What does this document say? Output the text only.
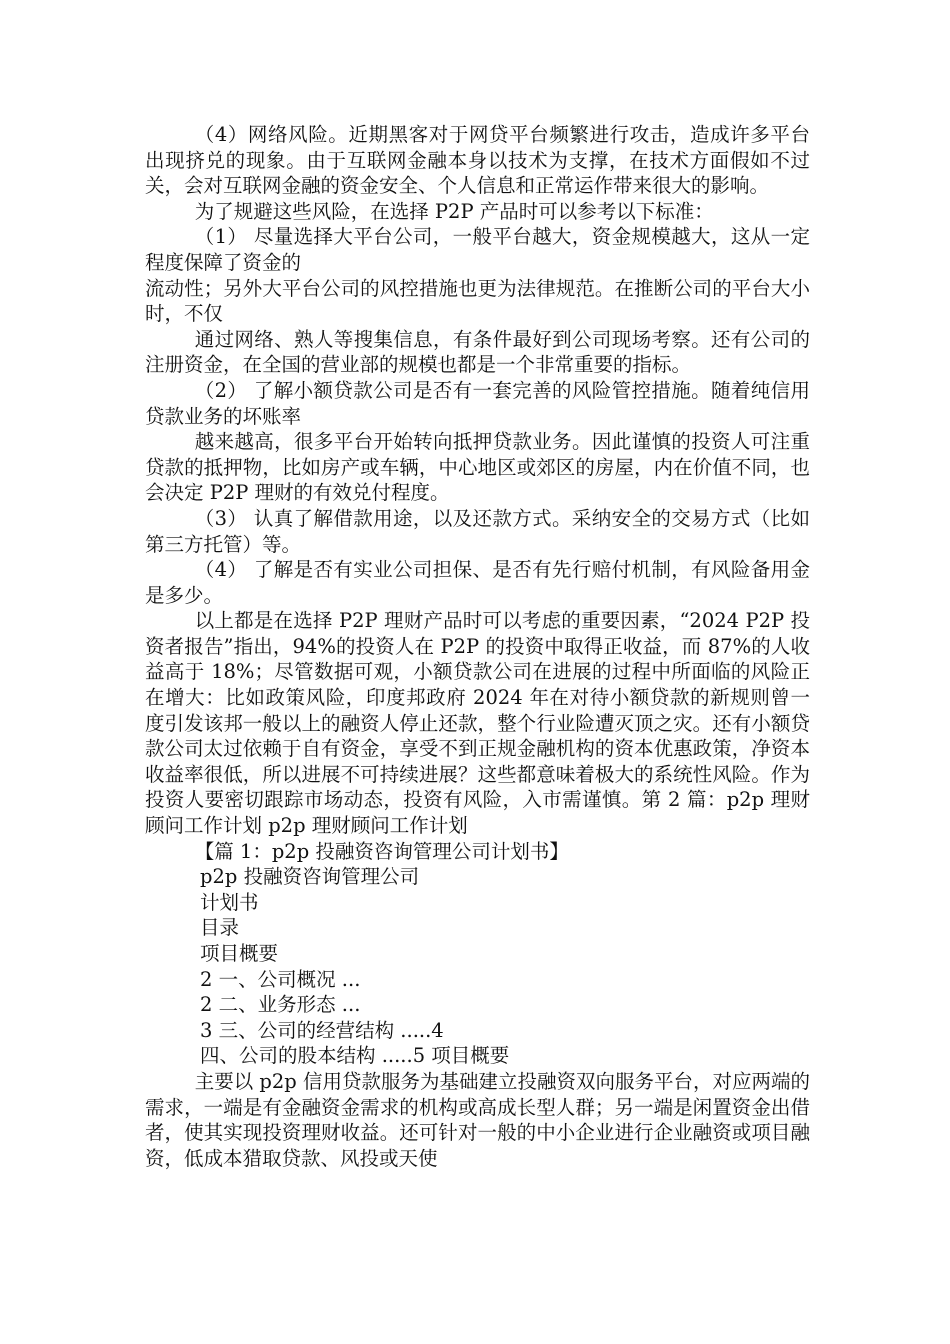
（4）网络风险。近期黑客对于网贷平台频繁进行攻击，造成许多平台出现挤兑的现象。由于互联网金融本身以技术为支撑，在技术方面假如不过关，会对互联网金融的资金安全、个人信息和正常运作带来很大的影响。

为了规避这些风险，在选择 P2P 产品时可以参考以下标准：

（1） 尽量选择大平台公司，一般平台越大，资金规模越大，这从一定程度保障了资金的

流动性；另外大平台公司的风控措施也更为法律规范。在推断公司的平台大小时，不仅

通过网络、熟人等搜集信息，有条件最好到公司现场考察。还有公司的注册资金，在全国的营业部的规模也都是一个非常重要的指标。

（2） 了解小额贷款公司是否有一套完善的风险管控措施。随着纯信用贷款业务的坏账率

越来越高，很多平台开始转向抵押贷款业务。因此谨慎的投资人可注重贷款的抵押物，比如房产或车辆，中心地区或郊区的房屋，内在价值不同，也会决定 P2P 理财的有效兑付程度。

（3） 认真了解借款用途，以及还款方式。采纳安全的交易方式（比如第三方托管）等。

（4） 了解是否有实业公司担保、是否有先行赔付机制，有风险备用金是多少。

以上都是在选择 P2P 理财产品时可以考虑的重要因素，“2024 P2P 投资者报告”指出，94%的投资人在 P2P 的投资中取得正收益，而 87%的人收益高于 18%；尽管数据可观，小额贷款公司在进展的过程中所面临的风险正在增大：比如政策风险，印度邦政府 2024 年在对待小额贷款的新规则曾一度引发该邦一般以上的融资人停止还款，整个行业险遭灭顶之灾。还有小额贷款公司太过依赖于自有资金，享受不到正规金融机构的资本优惠政策，净资本收益率很低，所以进展不可持续进展？这些都意味着极大的系统性风险。作为投资人要密切跟踪市场动态，投资有风险，入市需谨慎。第 2 篇：p2p 理财顾问工作计划 p2p 理财顾问工作计划

【篇 1：p2p 投融资咨询管理公司计划书】

p2p 投融资咨询管理公司

计划书

目录

项目概要

2 一、公司概况 ...

2 二、业务形态 ...

3 三、公司的经营结构 .....4

四、公司的股本结构 .....5 项目概要

主要以 p2p 信用贷款服务为基础建立投融资双向服务平台，对应两端的需求，一端是有金融资金需求的机构或高成长型人群；另一端是闲置资金出借者，使其实现投资理财收益。还可针对一般的中小企业进行企业融资或项目融资，低成本猎取贷款、风投或天使
